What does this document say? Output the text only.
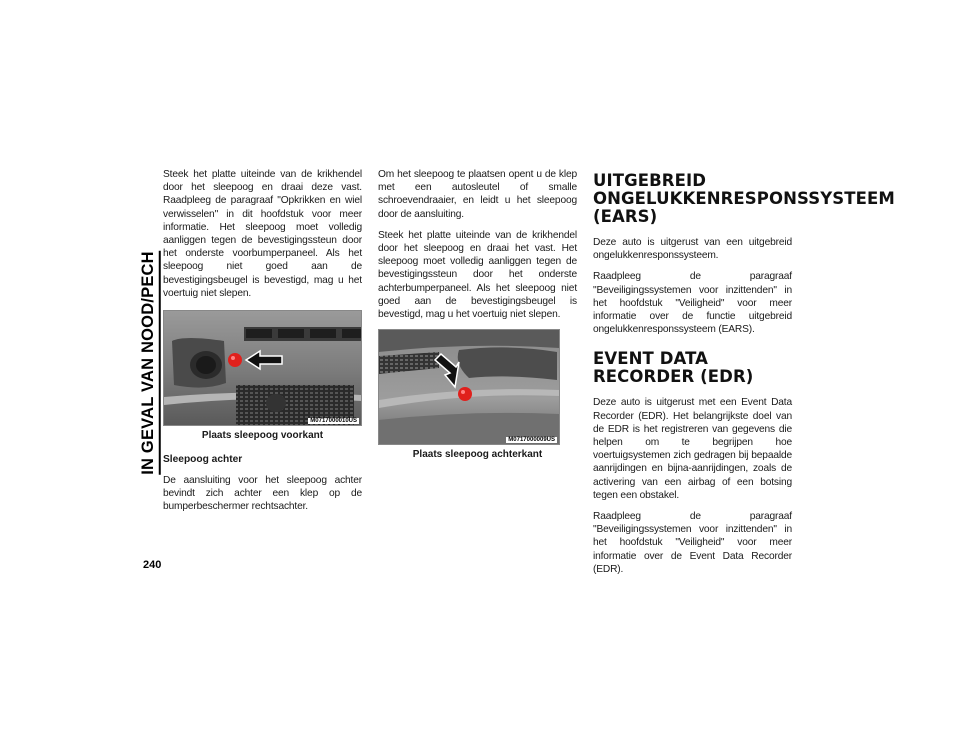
IN GEVAL VAN NOOD/PECH
240

Steek het platte uiteinde van de krikhendel door het sleepoog en draai deze vast. Raadpleeg de paragraaf "Opkrikken en wiel verwisselen" in dit hoofdstuk voor meer informatie. Het sleepoog moet volledig aanliggen tegen de bevestigingssteun door het onderste voorbumperpaneel. Als het sleepoog niet goed aan de bevestigingsbeugel is bevestigd, mag u het voertuig niet slepen.

M0717000010US
Plaats sleepoog voorkant
Sleepoog achter

De aansluiting voor het sleepoog achter bevindt zich achter een klep op de bumperbeschermer rechtsachter.

Om het sleepoog te plaatsen opent u de klep met een autosleutel of smalle schroevendraaier, en leidt u het sleepoog door de aansluiting.

Steek het platte uiteinde van de krikhendel door het sleepoog en draai het vast. Het sleepoog moet volledig aanliggen tegen de bevestigingssteun door het onderste achterbumperpaneel. Als het sleepoog niet goed aan de bevestigingsbeugel is bevestigd, mag u het voertuig niet slepen.

M0717000009US
Plaats sleepoog achterkant
UITGEBREID ONGELUKKENRESPONSSYSTEEM (EARS)

Deze auto is uitgerust van een uitgebreid ongelukkenresponssysteem.

Raadpleeg de paragraaf "Beveiligingssystemen voor inzittenden" in het hoofdstuk "Veiligheid" voor meer informatie over de functie uitgebreid ongelukkenresponssysteem (EARS).

EVENT DATA RECORDER (EDR)

Deze auto is uitgerust met een Event Data Recorder (EDR). Het belangrijkste doel van de EDR is het registreren van gegevens die helpen om te begrijpen hoe voertuigsystemen zich gedragen bij bepaalde aanrijdingen en bijna-aanrijdingen, zoals de activering van een airbag of een botsing tegen een obstakel.

Raadpleeg de paragraaf "Beveiligingssystemen voor inzittenden" in het hoofdstuk "Veiligheid" voor meer informatie over de Event Data Recorder (EDR).
